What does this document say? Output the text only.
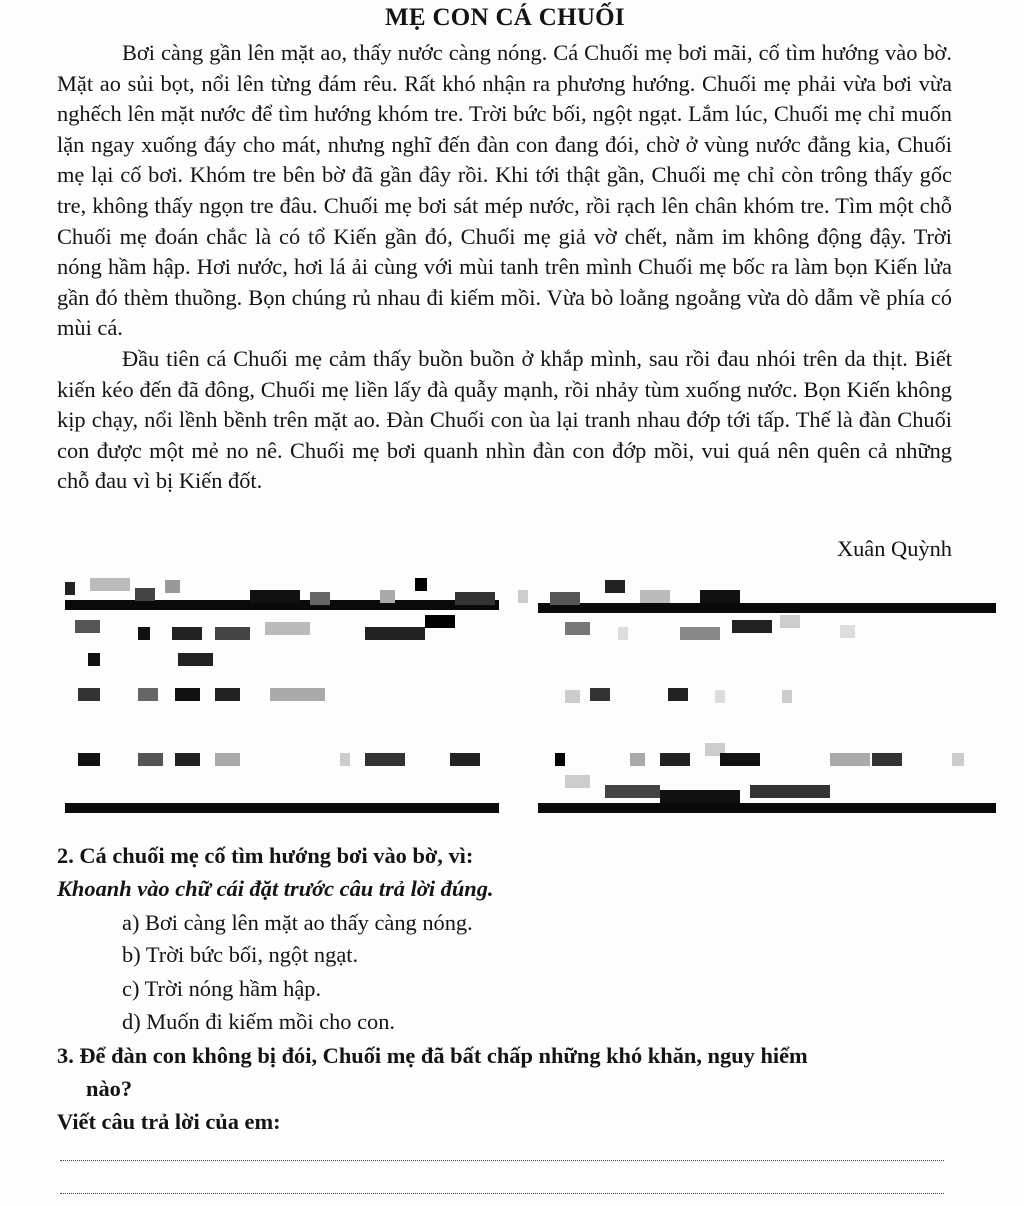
MẸ CON CÁ CHUỐI

Bơi càng gần lên mặt ao, thấy nước càng nóng. Cá Chuối mẹ bơi mãi, cố tìm hướng vào bờ. Mặt ao sủi bọt, nổi lên từng đám rêu. Rất khó nhận ra phương hướng. Chuối mẹ phải vừa bơi vừa nghếch lên mặt nước để tìm hướng khóm tre. Trời bức bối, ngột ngạt. Lắm lúc, Chuối mẹ chỉ muốn lặn ngay xuống đáy cho mát, nhưng nghĩ đến đàn con đang đói, chờ ở vùng nước đằng kia, Chuối mẹ lại cố bơi. Khóm tre bên bờ đã gần đây rồi. Khi tới thật gần, Chuối mẹ chỉ còn trông thấy gốc tre, không thấy ngọn tre đâu. Chuối mẹ bơi sát mép nước, rồi rạch lên chân khóm tre. Tìm một chỗ Chuối mẹ đoán chắc là có tổ Kiến gần đó, Chuối mẹ giả vờ chết, nằm im không động đậy. Trời nóng hầm hập. Hơi nước, hơi lá ải cùng với mùi tanh trên mình Chuối mẹ bốc ra làm bọn Kiến lửa gần đó thèm thuồng. Bọn chúng rủ nhau đi kiếm mồi. Vừa bò loằng ngoằng vừa dò dẫm về phía có mùi cá.

Đầu tiên cá Chuối mẹ cảm thấy buồn buồn ở khắp mình, sau rồi đau nhói trên da thịt. Biết kiến kéo đến đã đông, Chuối mẹ liền lấy đà quẫy mạnh, rồi nhảy tùm xuống nước. Bọn Kiến không kịp chạy, nổi lềnh bềnh trên mặt ao. Đàn Chuối con ùa lại tranh nhau đớp tới tấp. Thế là đàn Chuối con được một mẻ no nê. Chuối mẹ bơi quanh nhìn đàn con đớp mồi, vui quá nên quên cả những chỗ đau vì bị Kiến đốt.

Xuân Quỳnh
2. Cá chuối mẹ cố tìm hướng bơi vào bờ, vì:
Khoanh vào chữ cái đặt trước câu trả lời đúng.
a) Bơi càng lên mặt ao thấy càng nóng.
b) Trời bức bối, ngột ngạt.
c) Trời nóng hầm hập.
d) Muốn đi kiếm mồi cho con.
3. Để đàn con không bị đói, Chuối mẹ đã bất chấp những khó khăn, nguy hiểm
nào?
Viết câu trả lời của em:
